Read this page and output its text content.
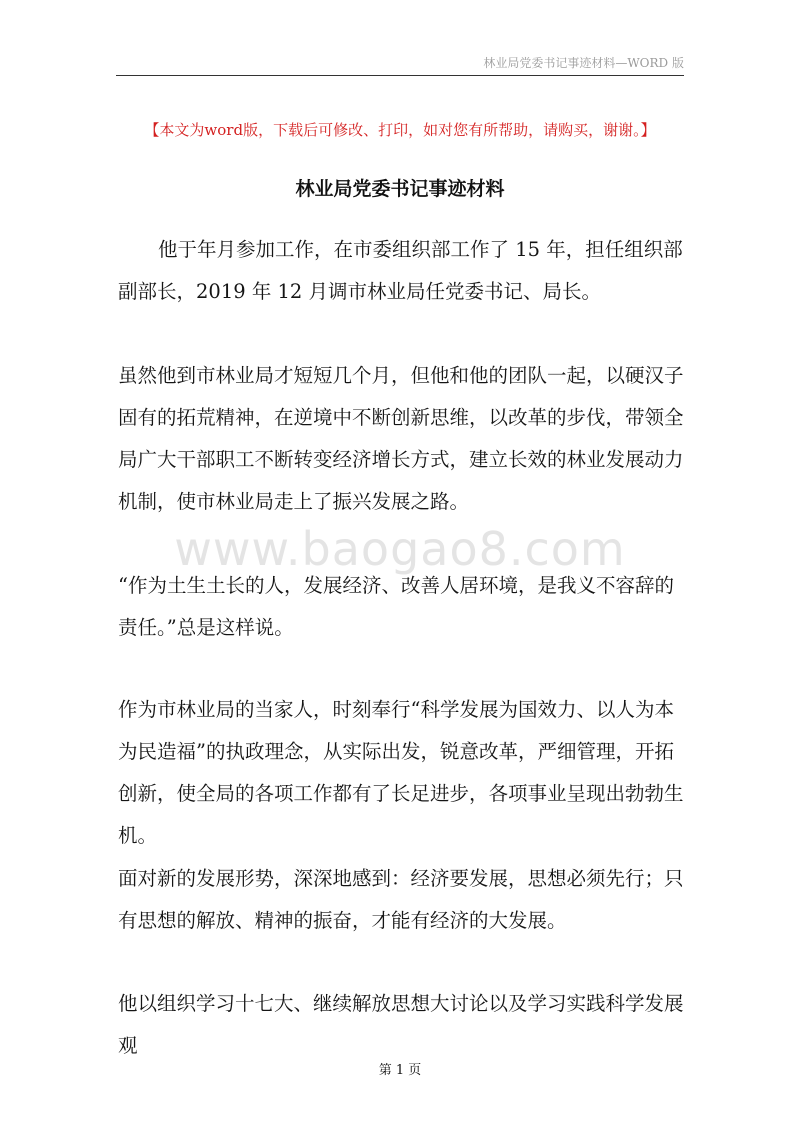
林业局党委书记事迹材料—WORD 版
【本文为word版，下载后可修改、打印，如对您有所帮助，请购买，谢谢。】
林业局党委书记事迹材料

他于年月参加工作，在市委组织部工作了 15 年，担任组织部副部长，2019 年 12 月调市林业局任党委书记、局长。

虽然他到市林业局才短短几个月，但他和他的团队一起，以硬汉子固有的拓荒精神，在逆境中不断创新思维，以改革的步伐，带领全局广大干部职工不断转变经济增长方式，建立长效的林业发展动力机制，使市林业局走上了振兴发展之路。

www.baogao8.com

“作为土生土长的人，发展经济、改善人居环境，是我义不容辞的责任。”总是这样说。

作为市林业局的当家人，时刻奉行“科学发展为国效力、以人为本为民造福”的执政理念，从实际出发，锐意改革，严细管理，开拓创新，使全局的各项工作都有了长足进步，各项事业呈现出勃勃生机。

面对新的发展形势，深深地感到：经济要发展，思想必须先行；只有思想的解放、精神的振奋，才能有经济的大发展。

他以组织学习十七大、继续解放思想大讨论以及学习实践科学发展观

第 1 页
